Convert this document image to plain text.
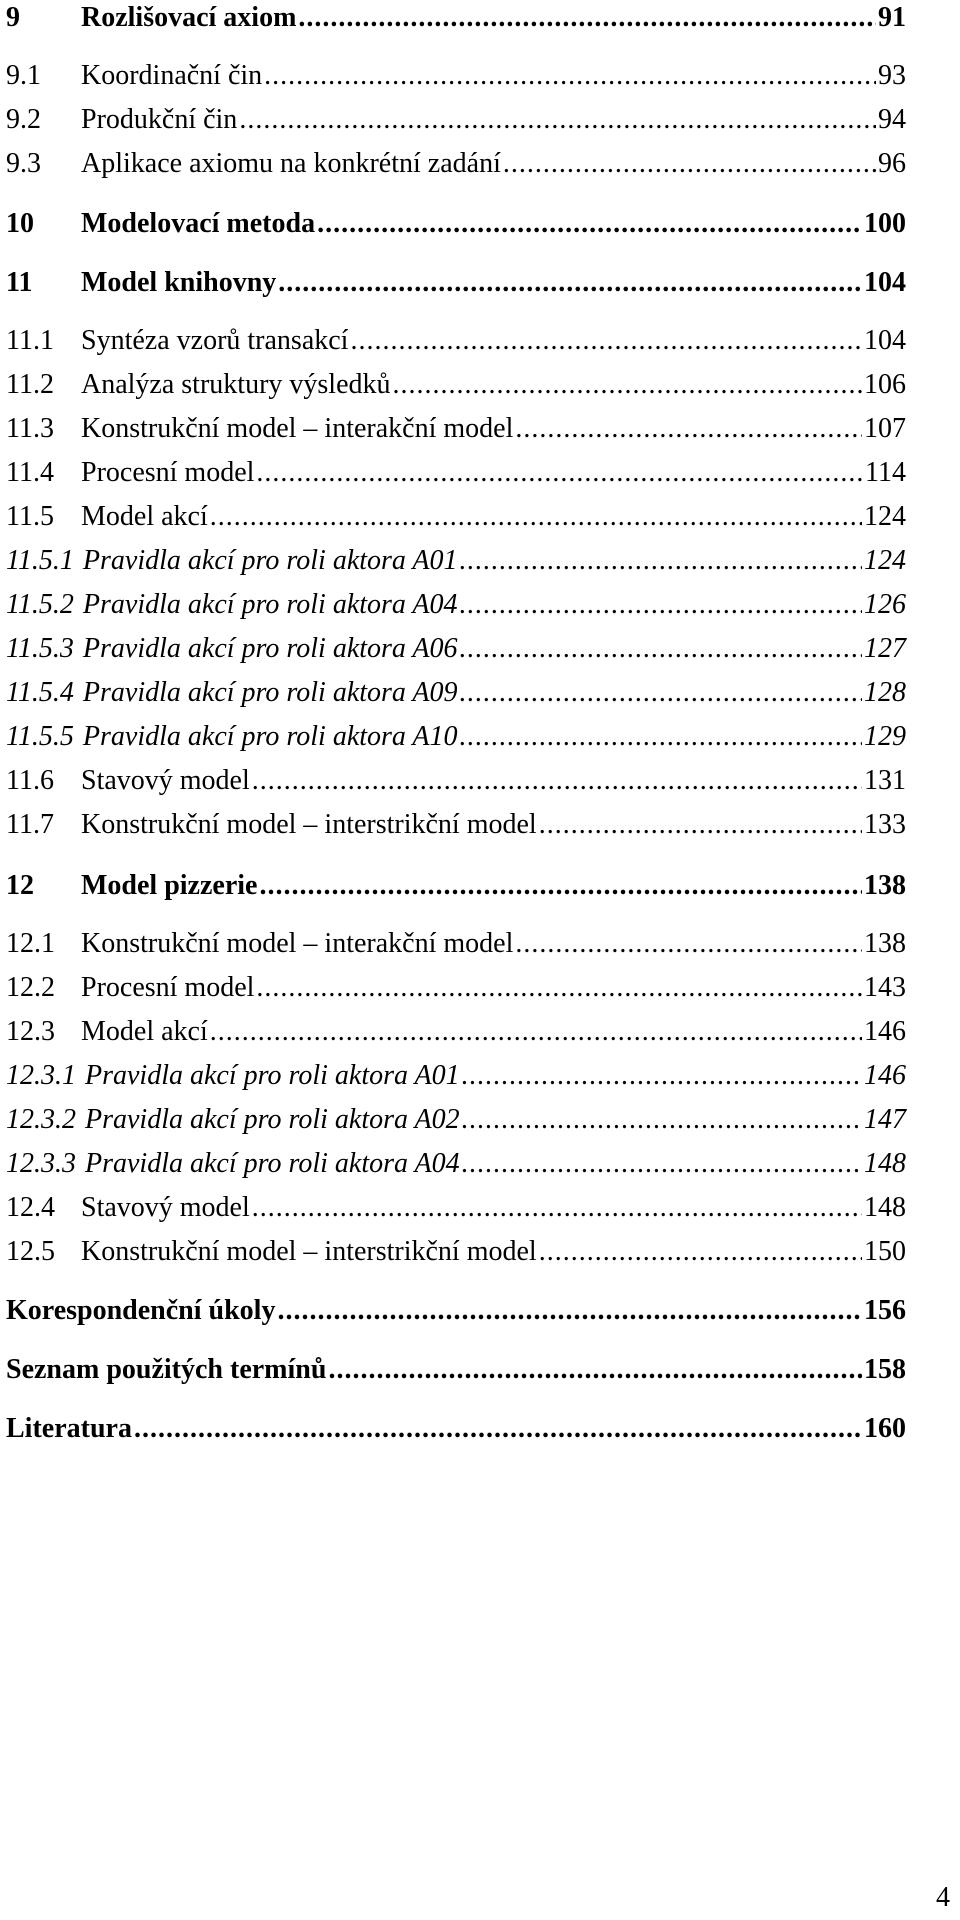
9	Rozlišovací axiom .....	91
9.1	Koordinační čin .....	93
9.2	Produkční čin .....	94
9.3	Aplikace axiomu na konkrétní zadání .....	96
10	Modelovací metoda .....	100
11	Model knihovny .....	104
11.1 Syntéza vzorů transakcí .....	104
11.2 Analýza struktury výsledků .....	106
11.3 Konstrukční model – interakční model .....	107
11.4 Procesní model .....	114
11.5 Model akcí .....	124
11.5.1 Pravidla akcí pro roli aktora A01 .....	124
11.5.2 Pravidla akcí pro roli aktora A04 .....	126
11.5.3 Pravidla akcí pro roli aktora A06 .....	127
11.5.4 Pravidla akcí pro roli aktora A09 .....	128
11.5.5 Pravidla akcí pro roli aktora A10 .....	129
11.6 Stavový model .....	131
11.7 Konstrukční model – interstrikční model .....	133
12	Model pizzerie .....	138
12.1 Konstrukční model – interakční model .....	138
12.2 Procesní model .....	143
12.3 Model akcí .....	146
12.3.1 Pravidla akcí pro roli aktora A01 .....	146
12.3.2 Pravidla akcí pro roli aktora A02 .....	147
12.3.3 Pravidla akcí pro roli aktora A04 .....	148
12.4 Stavový model .....	148
12.5 Konstrukční model – interstrikční model .....	150
Korespondenční úkoly .....	156
Seznam použitých termínů .....	158
Literatura .....	160
4
